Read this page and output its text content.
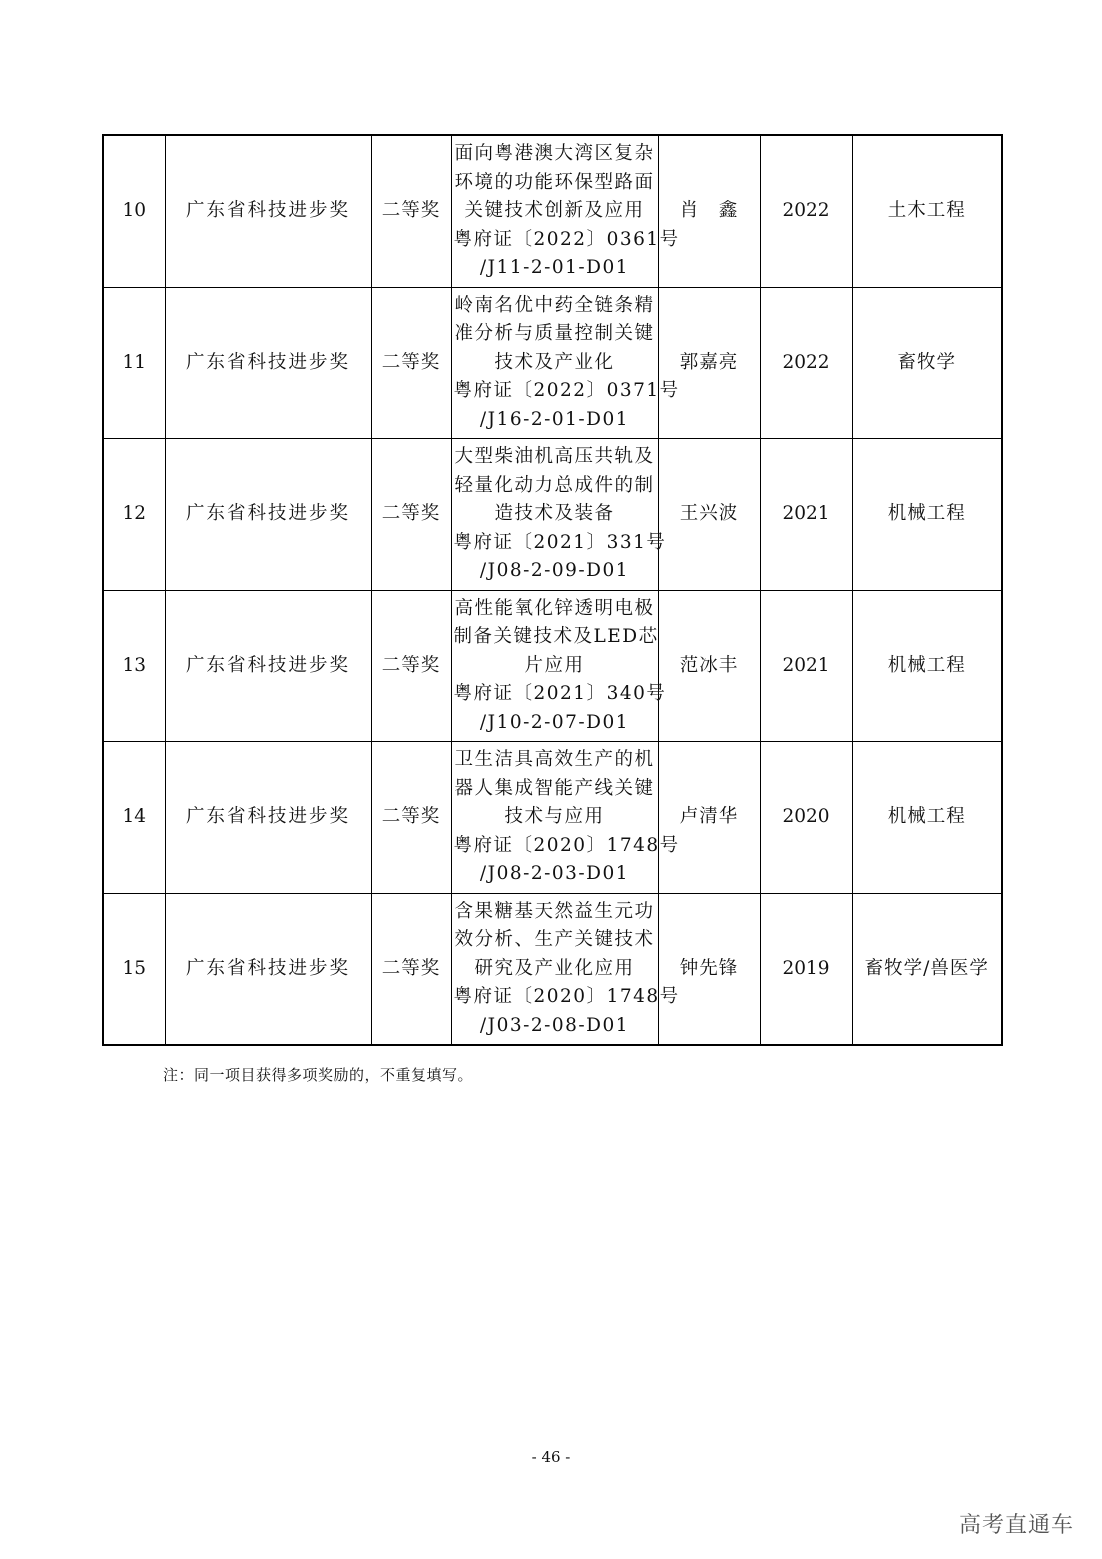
10	广东省科技进步奖	二等奖	面向粤港澳大湾区复杂
环境的功能环保型路面
关键技术创新及应用
粤府证〔2022〕0361号
/J11-2-01-D01	肖　鑫	2022	土木工程
11	广东省科技进步奖	二等奖	岭南名优中药全链条精
准分析与质量控制关键
技术及产业化
粤府证〔2022〕0371号
/J16-2-01-D01	郭嘉亮	2022	畜牧学
12	广东省科技进步奖	二等奖	大型柴油机高压共轨及
轻量化动力总成件的制
造技术及装备
粤府证〔2021〕331号
/J08-2-09-D01	王兴波	2021	机械工程
13	广东省科技进步奖	二等奖	高性能氧化锌透明电极
制备关键技术及LED芯
片应用
粤府证〔2021〕340号
/J10-2-07-D01	范冰丰	2021	机械工程
14	广东省科技进步奖	二等奖	卫生洁具高效生产的机
器人集成智能产线关键
技术与应用
粤府证〔2020〕1748号
/J08-2-03-D01	卢清华	2020	机械工程
15	广东省科技进步奖	二等奖	含果糖基天然益生元功
效分析、生产关键技术
研究及产业化应用
粤府证〔2020〕1748号
/J03-2-08-D01	钟先锋	2019	畜牧学/兽医学
注：同一项目获得多项奖励的，不重复填写。
- 46 -
高考直通车
